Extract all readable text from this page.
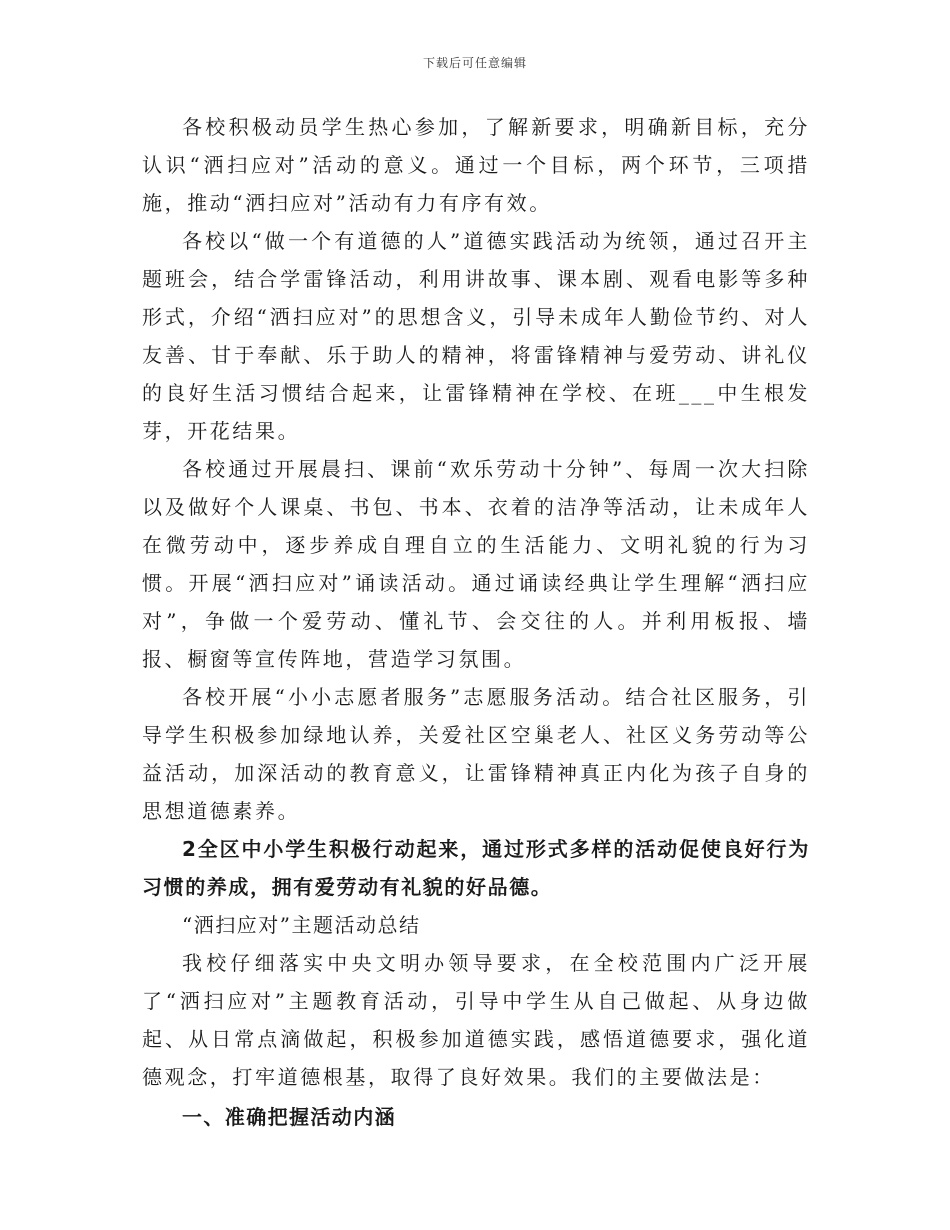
下载后可任意编辑

各校积极动员学生热心参加，了解新要求，明确新目标，充分认识“洒扫应对”活动的意义。通过一个目标，两个环节，三项措施，推动“洒扫应对”活动有力有序有效。

各校以“做一个有道德的人”道德实践活动为统领，通过召开主题班会，结合学雷锋活动，利用讲故事、课本剧、观看电影等多种形式，介绍“洒扫应对”的思想含义，引导未成年人勤俭节约、对人友善、甘于奉献、乐于助人的精神，将雷锋精神与爱劳动、讲礼仪的良好生活习惯结合起来，让雷锋精神在学校、在班___中生根发芽，开花结果。

各校通过开展晨扫、课前“欢乐劳动十分钟”、每周一次大扫除以及做好个人课桌、书包、书本、衣着的洁净等活动，让未成年人在微劳动中，逐步养成自理自立的生活能力、文明礼貌的行为习惯。开展“洒扫应对”诵读活动。通过诵读经典让学生理解“洒扫应对”，争做一个爱劳动、懂礼节、会交往的人。并利用板报、墙报、橱窗等宣传阵地，营造学习氛围。

各校开展“小小志愿者服务”志愿服务活动。结合社区服务，引导学生积极参加绿地认养，关爱社区空巢老人、社区义务劳动等公益活动，加深活动的教育意义，让雷锋精神真正内化为孩子自身的思想道德素养。

2全区中小学生积极行动起来，通过形式多样的活动促使良好行为习惯的养成，拥有爱劳动有礼貌的好品德。

“洒扫应对”主题活动总结

我校仔细落实中央文明办领导要求，在全校范围内广泛开展了“洒扫应对”主题教育活动，引导中学生从自己做起、从身边做起、从日常点滴做起，积极参加道德实践，感悟道德要求，强化道德观念，打牢道德根基，取得了良好效果。我们的主要做法是：

一、准确把握活动内涵
